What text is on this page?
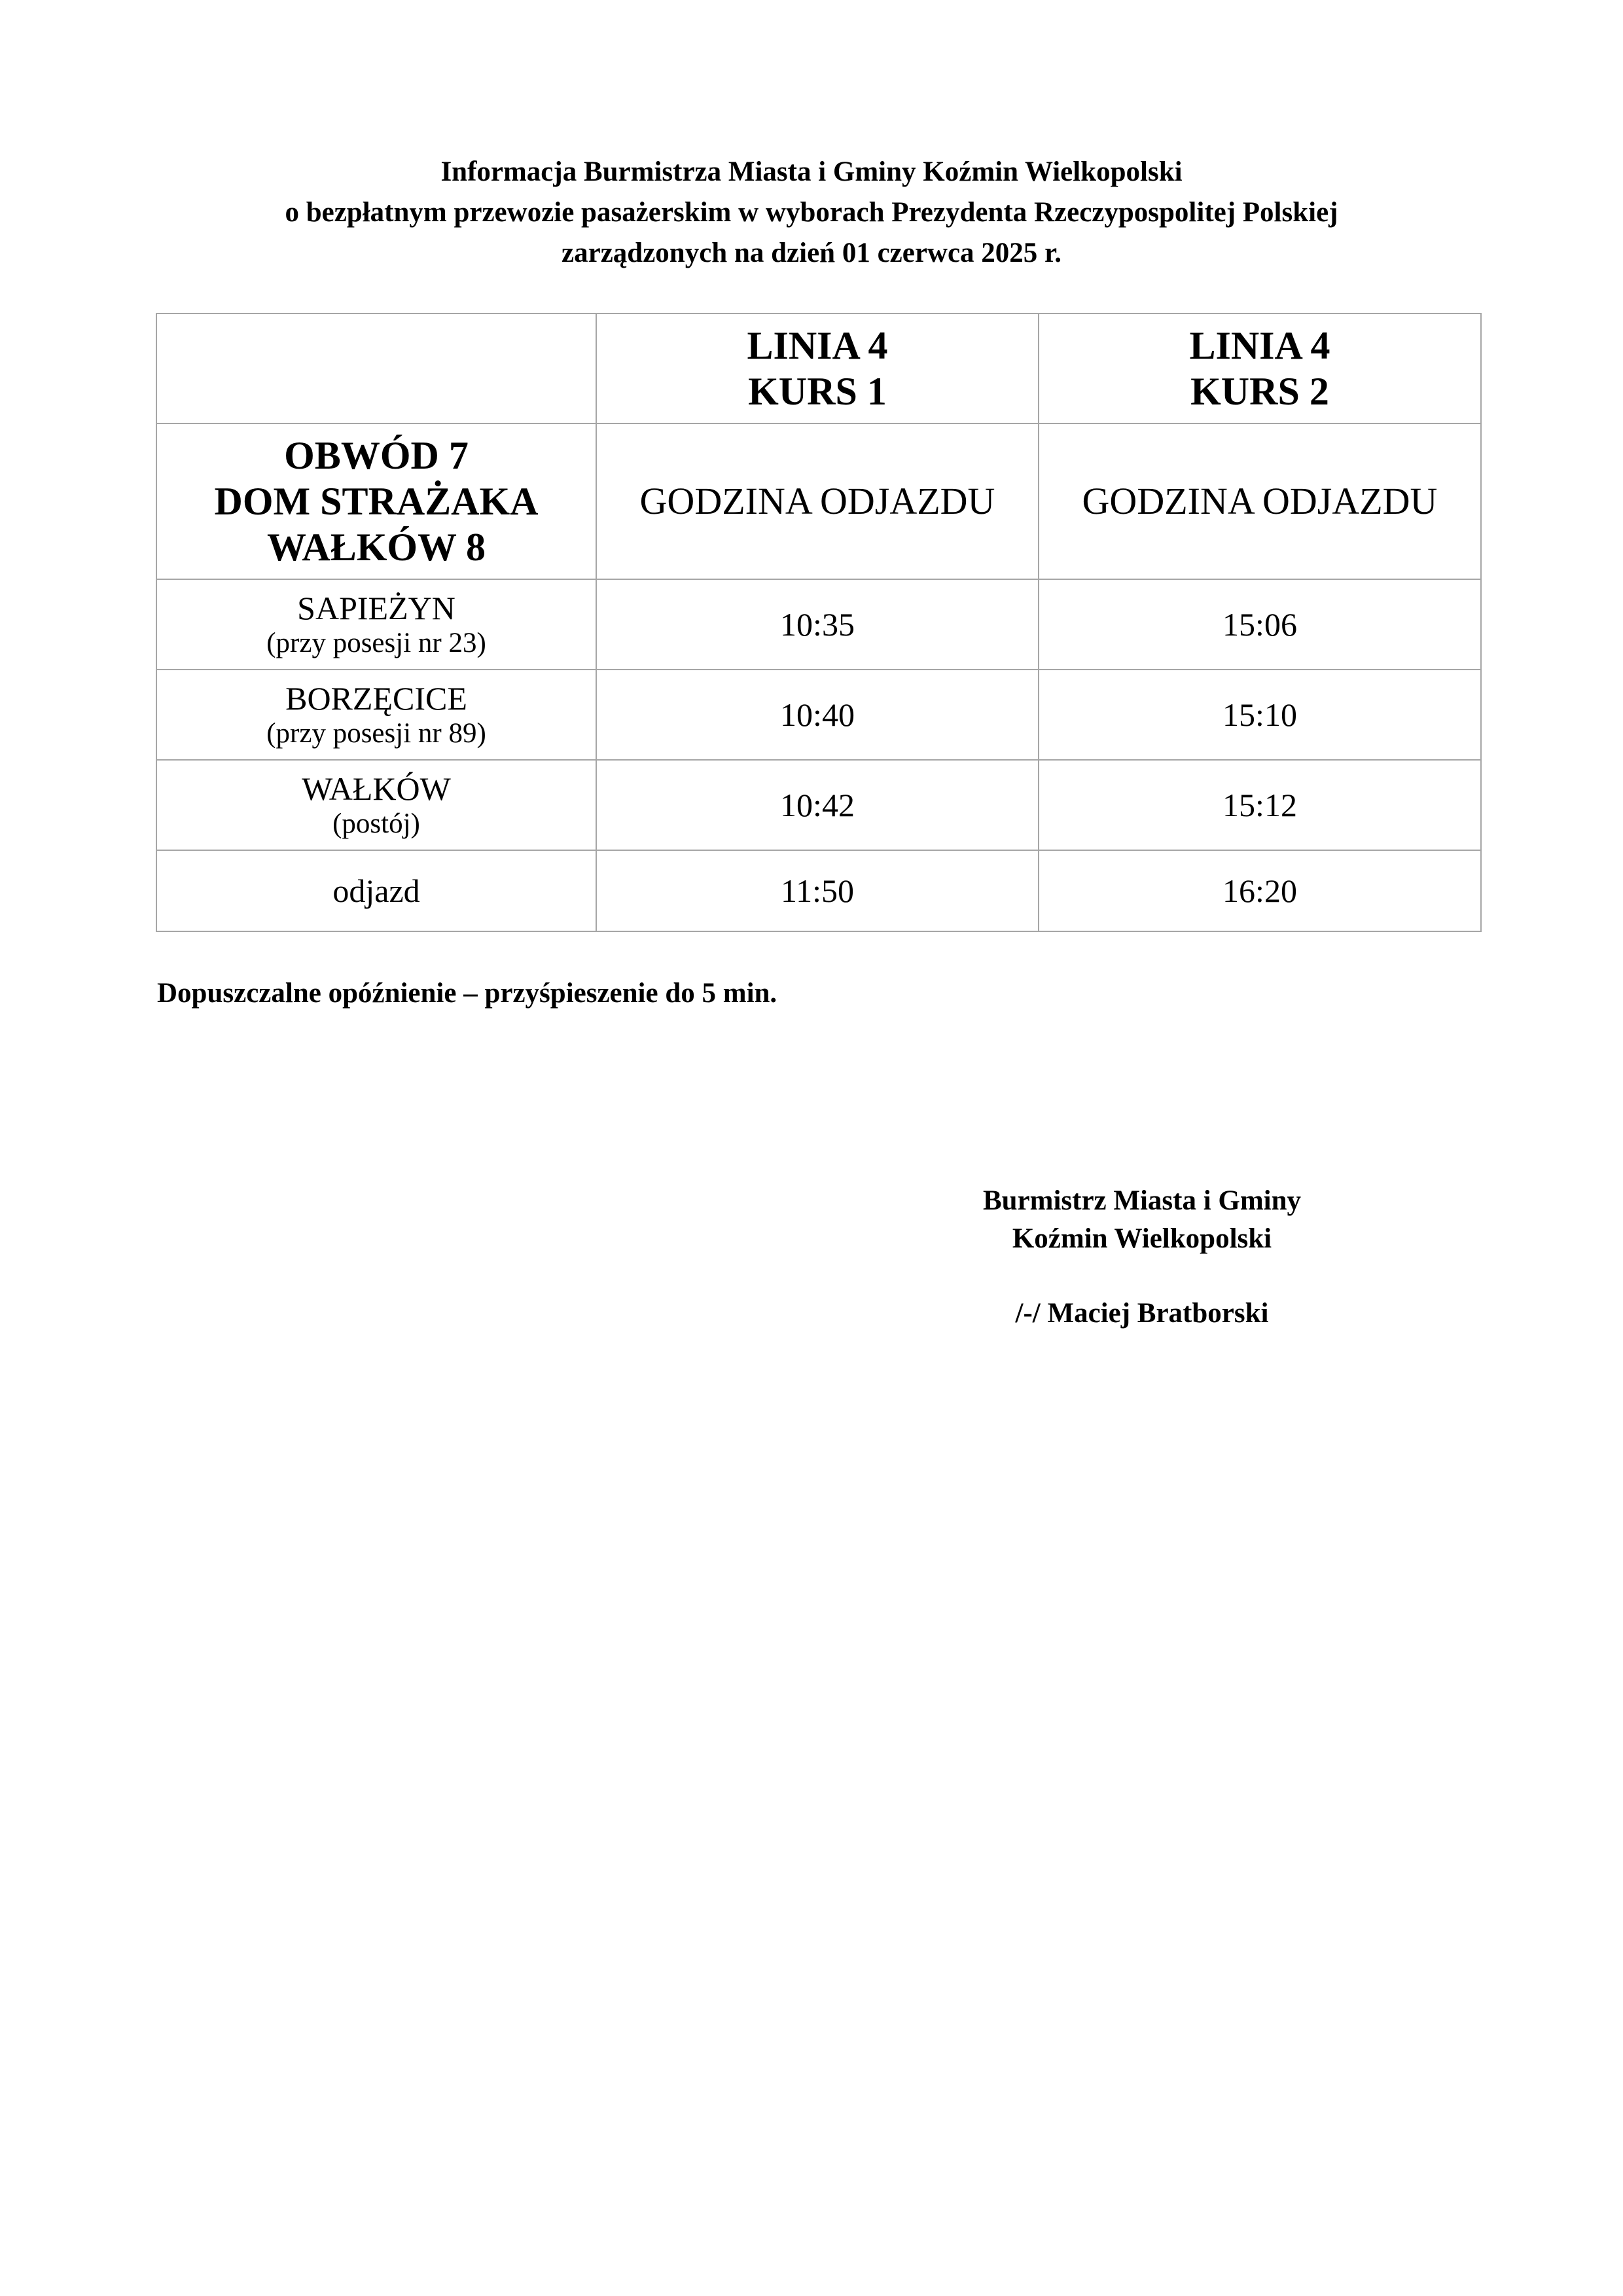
Informacja Burmistrza Miasta i Gminy Koźmin Wielkopolski
o bezpłatnym przewozie pasażerskim w wyborach Prezydenta Rzeczypospolitej Polskiej
zarządzonych na dzień 01 czerwca 2025 r.

	LINIA 4
KURS 1	LINIA 4
KURS 2

OBWÓD 7
DOM STRAŻAKA
WAŁKÓW 8	GODZINA ODJAZDU	GODZINA ODJAZDU

SAPIEŻYN
(przy posesji nr 23)	10:35	15:06

BORZĘCICE
(przy posesji nr 89)	10:40	15:10

WAŁKÓW
(postój)	10:42	15:12

odjazd	11:50	16:20
Dopuszczalne opóźnienie – przyśpieszenie do 5 min.
Burmistrz Miasta i Gminy
Koźmin Wielkopolski
/-/ Maciej Bratborski
